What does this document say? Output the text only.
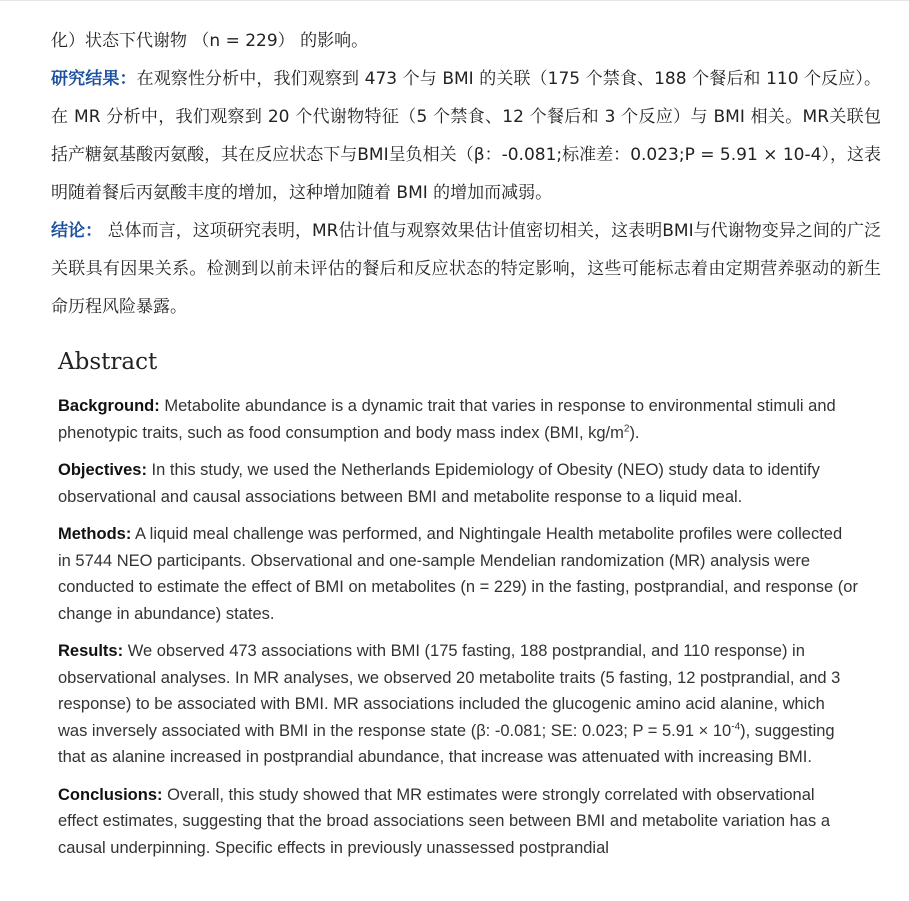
化）状态下代谢物 （n = 229） 的影响。

研究结果：在观察性分析中，我们观察到 473 个与 BMI 的关联（175 个禁食、188 个餐后和 110 个反应）。在 MR 分析中，我们观察到 20 个代谢物特征（5 个禁食、12 个餐后和 3 个反应）与 BMI 相关。MR关联包括产糖氨基酸丙氨酸，其在反应状态下与BMI呈负相关（β：-0.081;标准差：0.023;P = 5.91 × 10-4），这表明随着餐后丙氨酸丰度的增加，这种增加随着 BMI 的增加而减弱。

结论： 总体而言，这项研究表明，MR估计值与观察效果估计值密切相关，这表明BMI与代谢物变异之间的广泛关联具有因果关系。检测到以前未评估的餐后和反应状态的特定影响，这些可能标志着由定期营养驱动的新生命历程风险暴露。

Abstract

Background: Metabolite abundance is a dynamic trait that varies in response to environmental stimuli and phenotypic traits, such as food consumption and body mass index (BMI, $kg/m^2$).

Objectives: In this study, we used the Netherlands Epidemiology of Obesity (NEO) study data to identify observational and causal associations between BMI and metabolite response to a liquid meal.

Methods: A liquid meal challenge was performed, and Nightingale Health metabolite profiles were collected in 5744 NEO participants. Observational and one-sample Mendelian randomization (MR) analysis were conducted to estimate the effect of BMI on metabolites (n = 229) in the fasting, postprandial, and response (or change in abundance) states.

Results: We observed 473 associations with BMI (175 fasting, 188 postprandial, and 110 response) in observational analyses. In MR analyses, we observed 20 metabolite traits (5 fasting, 12 postprandial, and 3 response) to be associated with BMI. MR associations included the glucogenic amino acid alanine, which was inversely associated with BMI in the response state (β: -0.081; SE: 0.023; $P = 5.91 \times 10^{-4}$), suggesting that as alanine increased in postprandial abundance, that increase was attenuated with increasing BMI.

Conclusions: Overall, this study showed that MR estimates were strongly correlated with observational effect estimates, suggesting that the broad associations seen between BMI and metabolite variation has a causal underpinning. Specific effects in previously unassessed postprandial
